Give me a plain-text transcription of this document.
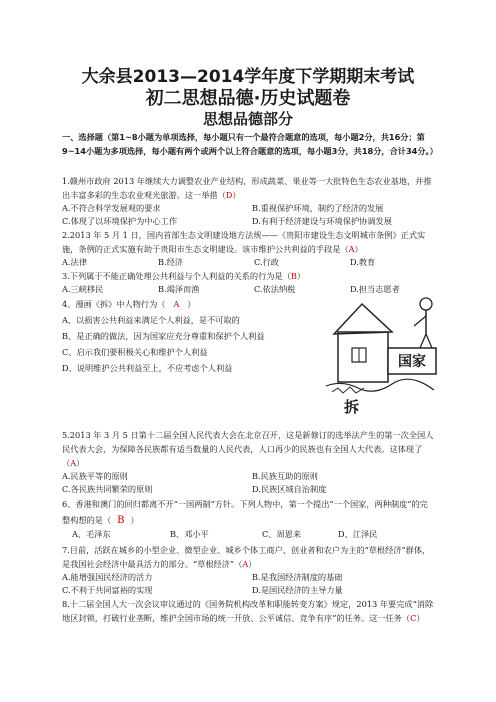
大余县2013—2014学年度下学期期末考试
初二思想品德·历史试题卷
思想品德部分
一、选择题（第1~8小题为单项选择，每小题只有一个最符合题意的选项，每小题2分，共16分；第9~14小题为多项选择，每小题有两个或两个以上符合题意的选项，每小题3分，共18分，合计34分。）
1.赣州市政府 2013 年继续大力调整农业产业结构，形成蔬菜、果业等一大批特色生态农业基地，并推出丰富多彩的生态农业观光旅游。这一举措（D）
A.不符合科学发展观的要求	B.重视保护环境，制约了经济的发展
C.体现了以环境保护为中心工作	D.有利于经济建设与环境保护协调发展
2.2013 年 5 月 1 日，国内首部生态文明建设地方法规——《贵阳市建设生态文明城市条例》正式实施，条例的正式实施有助于贵阳市生态文明建设。该市维护公共利益的手段是（A）
A.法律	B.经济	C.行政	D.教育
3.下列属于不能正确处理公共利益与个人利益的关系的行为是（B）
A.三峡移民	B.竭泽而渔	C.依法纳税	D.担当志愿者
4、漫画《拆》中人物行为（ A ）
A、以损害公共利益来满足个人利益，是不可取的
B、是正确的做法，因为国家应充分尊重和保护个人利益
C、启示我们要积极关心和维护个人利益
D、说明维护公共利益至上，不应考虑个人利益	国家
拆
5.2013 年 3 月 5 日第十二届全国人民代表大会在北京召开，这是新修订的选举法产生的第一次全国人民代表大会，为保障各民族都有适当数量的人民代表，人口再少的民族也有全国人大代表。这体现了（A）
A.民族平等的原则	B.民族互助的原则
C.各民族共同繁荣的原则	D.民族区域自治制度
6、香港和澳门的回归都离不开“一国两制”方针。下列人物中，第一个提出“一个国家，两种制度”的完整构想的是（ B ）
A、毛泽东	B、邓小平	C、周恩来	D、江泽民
7.目前，活跃在城乡的小型企业、微型企业、城乡个体工商户、创业者和农户为主的“草根经济”群体，是我国社会经济中最具活力的部分。“草根经济”（A）
A.能增强国民经济的活力	B.是我国经济制度的基础
C.不利于共同富裕的实现	D.是国民经济的主导力量
8.十二届全国人大一次会议审议通过的《国务院机构改革和职能转变方案》规定，2013 年要完成“消除地区封锁，打破行业垄断，维护全国市场的统一开放、公平诚信、竞争有序”的任务。这一任务（C）
